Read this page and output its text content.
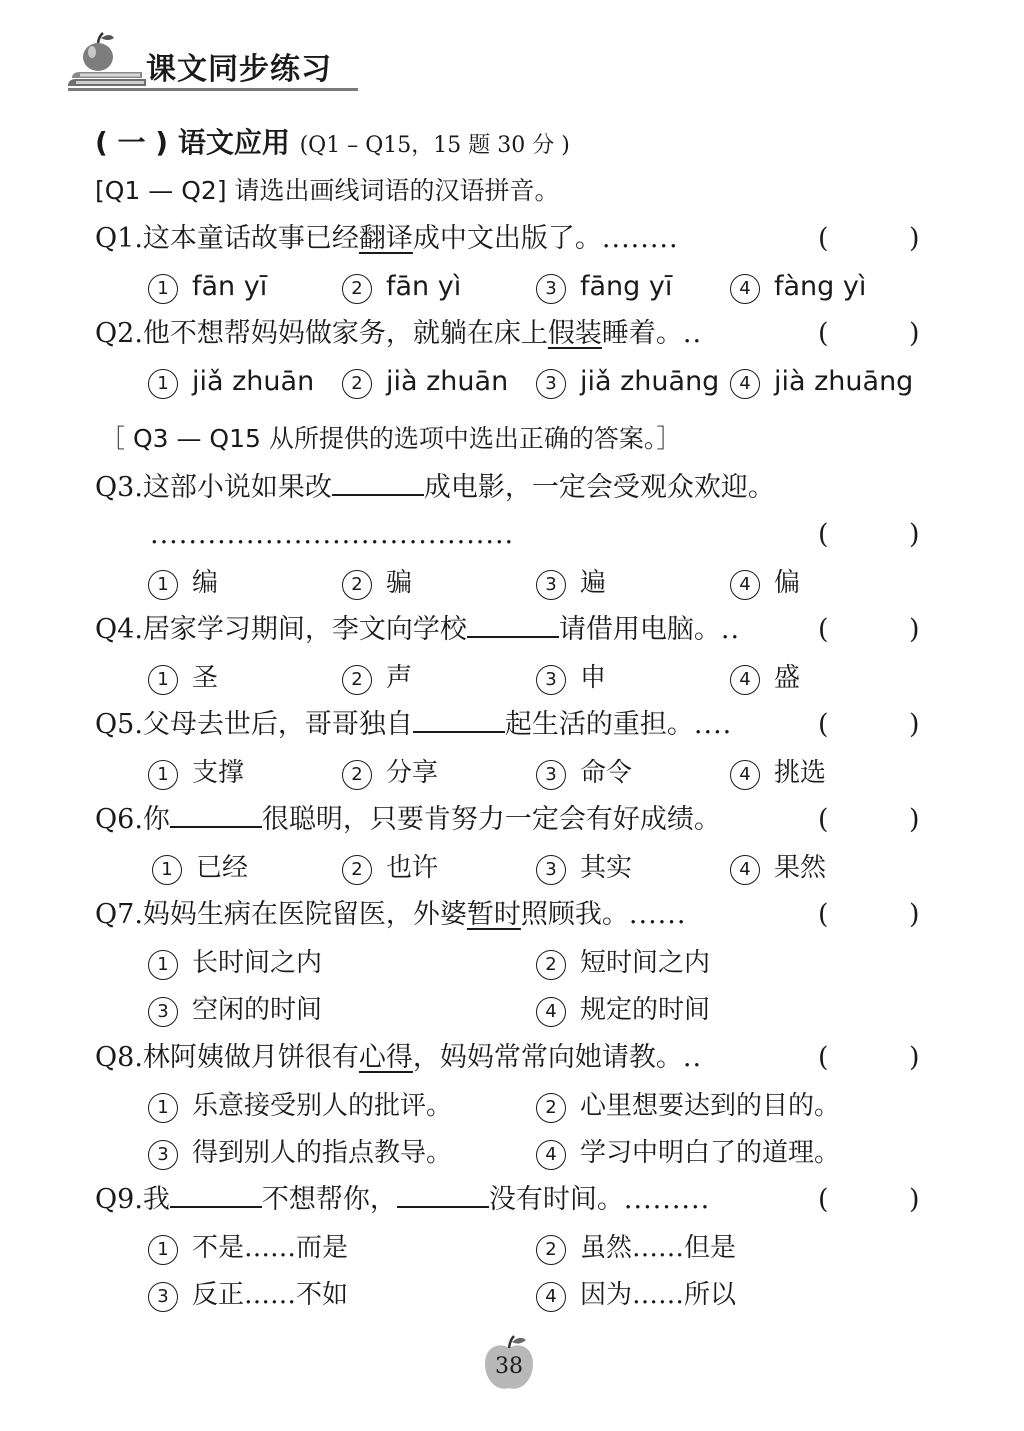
课文同步练习
( 一 ) 语文应用 (Q1 – Q15，15 题 30 分 )
[Q1 — Q2] 请选出画线词语的汉语拼音。
Q1.这本童话故事已经翻译成中文出版了。........	(	)
1 fān yī	2 fān yì	3 fāng yī	4 fàng yì
Q2.他不想帮妈妈做家务，就躺在床上假装睡着。..	(	)
1 jiǎ zhuān	2 jià zhuān	3 jiǎ zhuāng	4 jià zhuāng
［ Q3 — Q15 从所提供的选项中选出正确的答案。］
Q3.这部小说如果改	成电影，一定会受观众欢迎。
......................................	(	)
1 编	2 骗	3 遍	4 偏
Q4.居家学习期间，李文向学校	请借用电脑。..	(	)
1 圣	2 声	3 申	4 盛
Q5.父母去世后，哥哥独自	起生活的重担。....	(	)
1 支撑	2 分享	3 命令	4 挑选
Q6.你	很聪明，只要肯努力一定会有好成绩。	(	)
1 已经	2 也许	3 其实	4 果然
Q7.妈妈生病在医院留医，外婆暂时照顾我。......	(	)
1 长时间之内	2 短时间之内
3 空闲的时间	4 规定的时间
Q8.林阿姨做月饼很有心得，妈妈常常向她请教。..	(	)
1 乐意接受别人的批评。	2 心里想要达到的目的。
3 得到别人的指点教导。	4 学习中明白了的道理。
Q9.我	不想帮你，	没有时间。.........	(	)
1 不是……而是	2 虽然……但是
3 反正……不如	4 因为……所以
38
